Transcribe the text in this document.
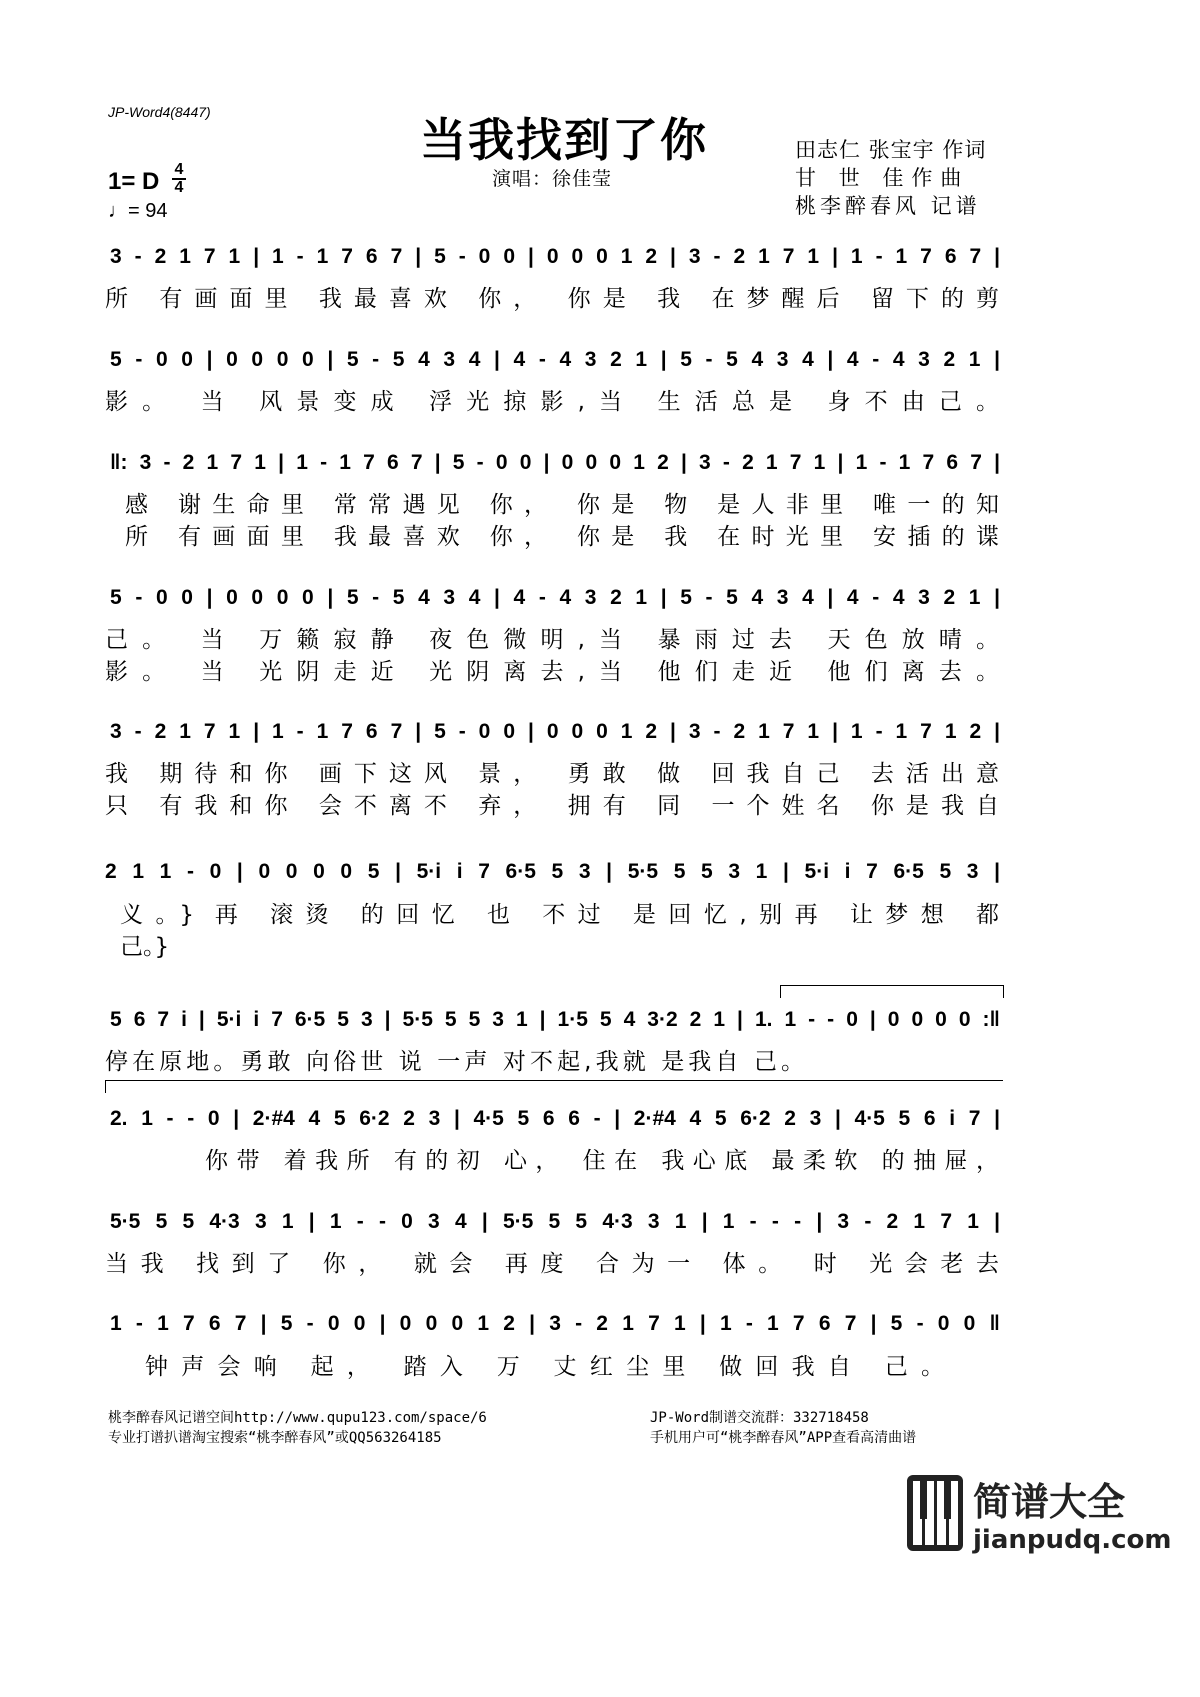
JP-Word4(8447)
当我找到了你
演唱：徐佳莹
田志仁 张宝宇 作词
甘 世 佳作曲
桃李醉春风 记谱
1= D 4
4
♩= 94
3 - 2 1 7 1 | 1 - 1 7 6 7 | 5 - 0 0 | 0 0 0 1 2 | 3 - 2 1 7 1 | 1 - 1 7 6 7 |
所 有画面里 我最喜欢 你， 你是 我 在梦醒后 留下的剪
5 - 0 0 | 0 0 0 0 | 5 - 5 4 3 4 | 4 - 4 3 2 1 | 5 - 5 4 3 4 | 4 - 4 3 2 1 |
影。 当 风景变成 浮光掠影,当 生活总是 身不由己。
‖: 3 - 2 1 7 1 | 1 - 1 7 6 7 | 5 - 0 0 | 0 0 0 1 2 | 3 - 2 1 7 1 | 1 - 1 7 6 7 |
感 谢生命里 常常遇见 你， 你是 物 是人非里 唯一的知
所 有画面里 我最喜欢 你， 你是 我 在时光里 安插的谍
5 - 0 0 | 0 0 0 0 | 5 - 5 4 3 4 | 4 - 4 3 2 1 | 5 - 5 4 3 4 | 4 - 4 3 2 1 |
己。 当 万籁寂静 夜色微明,当 暴雨过去 天色放晴。
影。 当 光阴走近 光阴离去,当 他们走近 他们离去。
3 - 2 1 7 1 | 1 - 1 7 6 7 | 5 - 0 0 | 0 0 0 1 2 | 3 - 2 1 7 1 | 1 - 1 7 1 2 |
我 期待和你 画下这风 景， 勇敢 做 回我自己 去活出意
只 有我和你 会不离不 弃， 拥有 同 一个姓名 你是我自
2 1 1 - 0 | 0 0 0 0 5 | 5·i i 7 6·5 5 3 | 5·5 5 5 3 1 | 5·i i 7 6·5 5 3 |
义。} 再 滚烫 的回忆 也 不过 是回忆,别再 让梦想 都
己。}
5 6 7 i | 5·i i 7 6·5 5 3 | 5·5 5 5 3 1 | 1·5 5 4 3·2 2 1 | 1. 1 - - 0 | 0 0 0 0 :‖
停在原地。勇敢 向俗世 说 一声 对不起,我就 是我自 己。
2. 1 - - 0 | 2·#4 4 5 6·2 2 3 | 4·5 5 6 6 - | 2·#4 4 5 6·2 2 3 | 4·5 5 6 i 7 |
你带 着我所 有的初 心， 住在 我心底 最柔软 的抽屉，
5·5 5 5 4·3 3 1 | 1 - - 0 3 4 | 5·5 5 5 4·3 3 1 | 1 - - - | 3 - 2 1 7 1 |
当我 找到了 你， 就会 再度 合为一 体。 时 光会老去
1 - 1 7 6 7 | 5 - 0 0 | 0 0 0 1 2 | 3 - 2 1 7 1 | 1 - 1 7 6 7 | 5 - 0 0 ‖
钟声会响 起， 踏入 万 丈红尘里 做回我自 己。
桃李醉春风记谱空间http://www.qupu123.com/space/6
专业打谱扒谱淘宝搜索“桃李醉春风”或QQ563264185
JP-Word制谱交流群：332718458
手机用户可“桃李醉春风”APP查看高清曲谱
简谱大全
jianpudq.com
